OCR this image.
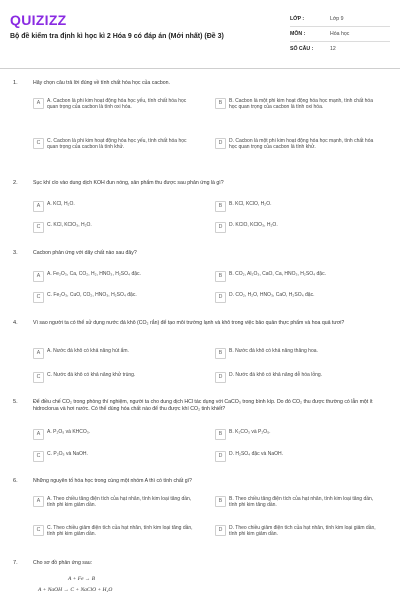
QUIZIZZ
Bộ đề kiểm tra định kì học kì 2 Hóa 9 có đáp án (Mới nhất) (Đề 3)
LỚP :	Lớp 9
MÔN :	Hóa học
SỐ CÂU :	12
1.	Hãy chọn câu trả lời đúng về tính chất hóa học của cacbon.
A	A. Cacbon là phi kim hoạt động hóa học yếu, tính chất hóa học quan trọng của cacbon là tính oxi hóa.
B	B. Cacbon là một phi kim hoạt động hóa học mạnh, tính chất hóa học quan trọng của cacbon là tính oxi hóa.
C	C. Cacbon là phi kim hoạt động hóa học yếu, tính chất hóa học quan trọng của cacbon là tính khử.
D	D. Cacbon là một phi kim hoạt động hóa học mạnh, tính chất hóa học quan trọng của cacbon là tính khử.
2.	Sục khí clo vào dung dịch KOH đun nóng, sản phẩm thu được sau phản ứng là gì?
A	A. KCl, H₂O.	B	B. KCl, KClO, H₂O.
C	C. KCl, KClO₃, H₂O.	D	D. KClO, KClO₃, H₂O.
3.	Cacbon phản ứng với dãy chất nào sau đây?
A	A. Fe₂O₃, Ca, CO₂, H₂, HNO₃, H₂SO₄ đặc.	B	B. CO₂, Al₂O₃, CaO, Ca, HNO₃, H₂SO₄ đặc.
C	C. Fe₂O₃, CuO, CO₂, HNO₃, H₂SO₄ đặc.	D	D. CO₂, H₂O, HNO₃, CaO, H₂SO₄ đặc.
4.	Vì sao người ta có thể sử dụng nước đá khô (CO₂ rắn) để tạo môi trường lạnh và khô trong việc bảo quản thực phẩm và hoa quả tươi?
A	A. Nước đá khô có khả năng hút ẩm.	B	B. Nước đá khô có khả năng thăng hoa.
C	C. Nước đá khô có khả năng khử trùng.	D	D. Nước đá khô có khả năng dễ hóa lỏng.
5.	Để điều chế CO₂ trong phòng thí nghiệm, người ta cho dung dịch HCl tác dụng với CaCO₃ trong bình kíp. Do đó CO₂ thu được thường có lẫn một ít hidroclorua và hơi nước. Có thể dùng hóa chất nào để thu được khí CO₂ tinh khiết?
A	A. P₂O₅ và KHCO₃.	B	B. K₂CO₃ và P₂O₅.
C	C. P₂O₅ và NaOH.	D	D. H₂SO₄ đặc và NaOH.
6.	Những nguyên tố hóa học trong cùng một nhóm A thì có tính chất gì?
A	A. Theo chiều tăng điện tích của hạt nhân, tính kim loại tăng dần, tính phi kim giảm dần.
B	B. Theo chiều tăng điện tích của hạt nhân, tính kim loại tăng dần, tính phi kim tăng dần.
C	C. Theo chiều giảm điện tích của hạt nhân, tính kim loại tăng dần, tính phi kim giảm dần.
D	D. Theo chiều giảm điện tích của hạt nhân, tính kim loại giảm dần, tính phi kim giảm dần.
7.	Cho sơ đồ phản ứng sau:
A + Fe → B
A + NaOH → C + NaClO + H₂O
